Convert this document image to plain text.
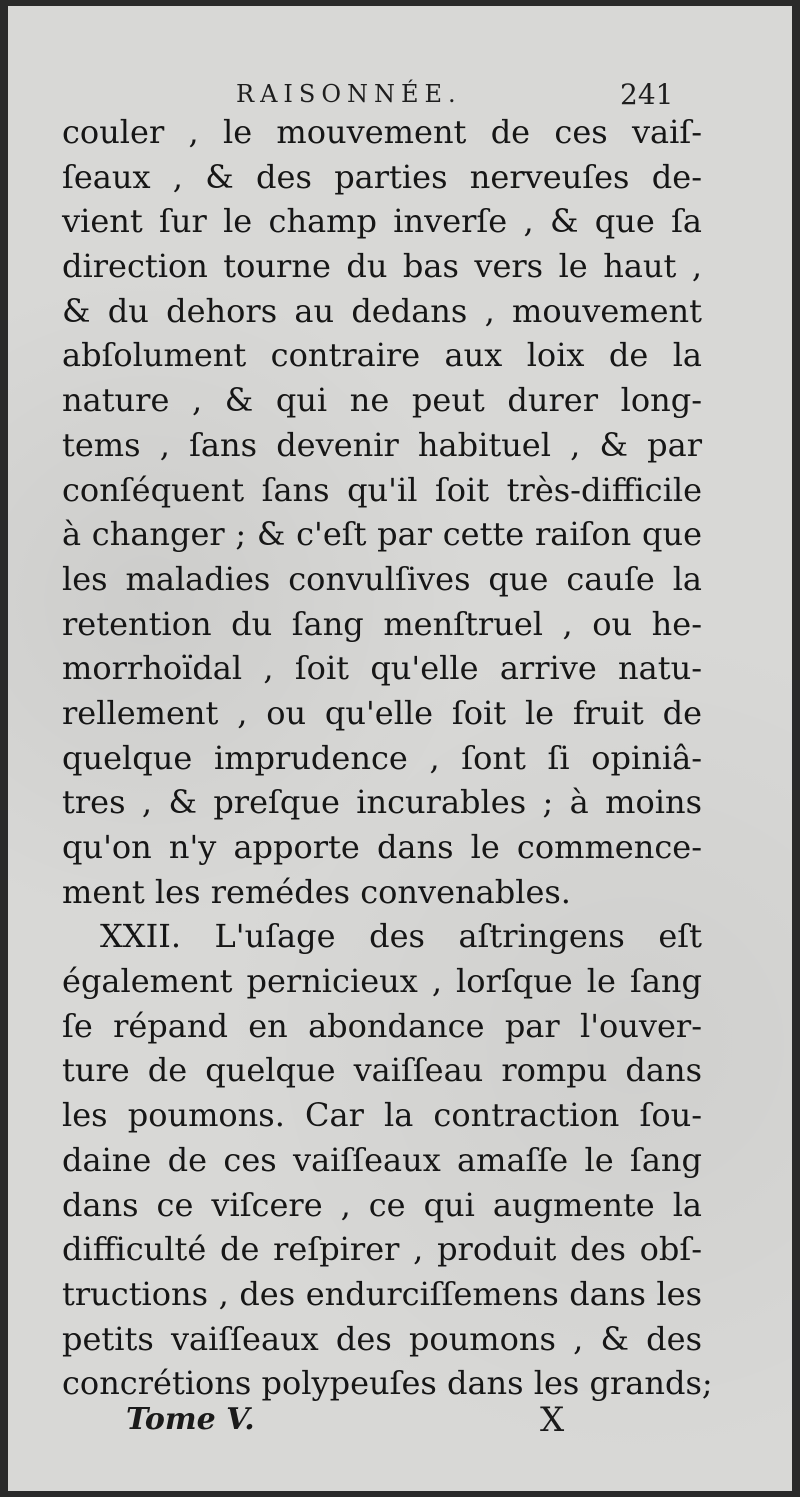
RAISONNÉE.	241
couler , le mouvement de ces vaiſ-
ſeaux , & des parties nerveuſes de-
vient ſur le champ inverſe , & que ſa
direction tourne du bas vers le haut ,
& du dehors au dedans , mouvement
abſolument contraire aux loix de la
nature , & qui ne peut durer long-
tems , ſans devenir habituel , & par
conſéquent ſans qu'il ſoit très-difficile
à changer ; & c'eſt par cette raiſon que
les maladies convulſives que cauſe la
retention du ſang menſtruel , ou he-
morrhoïdal , ſoit qu'elle arrive natu-
rellement , ou qu'elle ſoit le fruit de
quelque imprudence , ſont ſi opiniâ-
tres , & preſque incurables ; à moins
qu'on n'y apporte dans le commence-
ment les remédes convenables.
XXII. L'uſage des aſtringens eſt
également pernicieux , lorſque le ſang
ſe répand en abondance par l'ouver-
ture de quelque vaiſſeau rompu dans
les poumons. Car la contraction ſou-
daine de ces vaiſſeaux amaſſe le ſang
dans ce viſcere , ce qui augmente la
difficulté de reſpirer , produit des obſ-
tructions , des endurciſſemens dans les
petits vaiſſeaux des poumons , & des
concrétions polypeuſes dans les grands;
Tome V.	X
